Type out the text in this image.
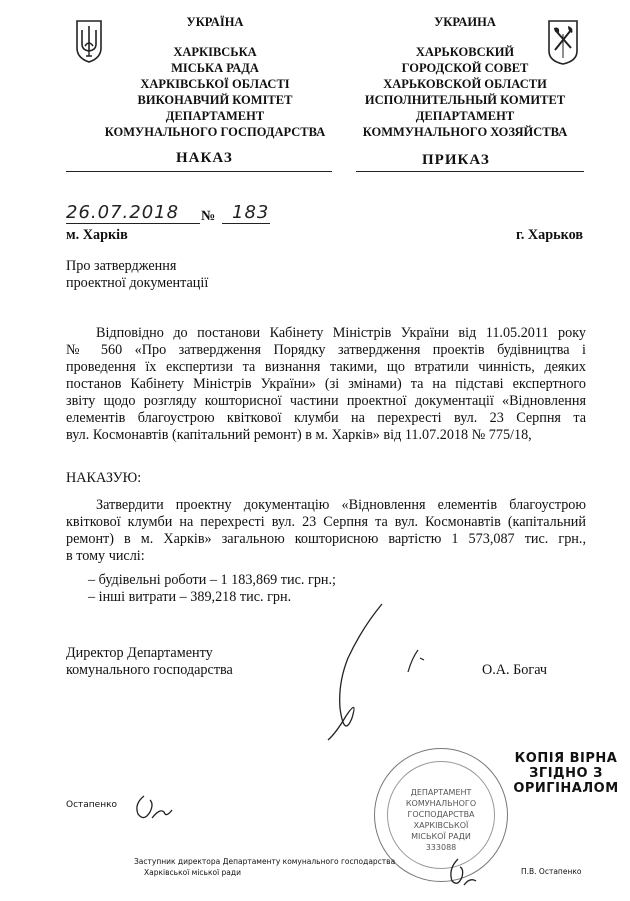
УКРАЇНА
ХАРКІВСЬКА
МІСЬКА РАДА
ХАРКІВСЬКОЇ ОБЛАСТІ
ВИКОНАВЧИЙ КОМІТЕТ
ДЕПАРТАМЕНТ
КОМУНАЛЬНОГО ГОСПОДАРСТВА
УКРАИНА
ХАРЬКОВСКИЙ
ГОРОДСКОЙ СОВЕТ
ХАРЬКОВСКОЙ ОБЛАСТИ
ИСПОЛНИТЕЛЬНЫЙ КОМИТЕТ
ДЕПАРТАМЕНТ
КОММУНАЛЬНОГО ХОЗЯЙСТВА
НАКАЗ	ПРИКАЗ
26.07.2018 № 183
м. Харків	г. Харьков
Про затвердження
проектної документації
Відповідно до постанови Кабінету Міністрів України від 11.05.2011 року
№ 560 «Про затвердження Порядку затвердження проектів будівництва і
проведення їх експертизи та визнання такими, що втратили чинність, деяких
постанов Кабінету Міністрів України» (зі змінами) та на підставі експертного
звіту щодо розгляду кошторисної частини проектної документації «Відновлення
елементів благоустрою квіткової клумби на перехресті вул. 23 Серпня та
вул. Космонавтів (капітальний ремонт) в м. Харків» від 11.07.2018 № 775/18,
НАКАЗУЮ:
Затвердити проектну документацію «Відновлення елементів благоустрою
квіткової клумби на перехресті вул. 23 Серпня та вул. Космонавтів (капітальний
ремонт) в м. Харків» загальною кошторисною вартістю 1 573,087 тис. грн.,
в тому числі:
– будівельні роботи – 1 183,869 тис. грн.;
– інші витрати – 389,218 тис. грн.
Директор Департаменту
комунального господарства	О.А. Богач
КОПІЯ ВІРНА
ЗГІДНО З
ОРИГІНАЛОМ
ДЕПАРТАМЕНТ
КОМУНАЛЬНОГО
ГОСПОДАРСТВА
ХАРКІВСЬКОЇ
МІСЬКОЇ РАДИ
333088
Остапенко
Заступник директора Департаменту комунального господарства
Харківської міської ради	П.В. Остапенко
